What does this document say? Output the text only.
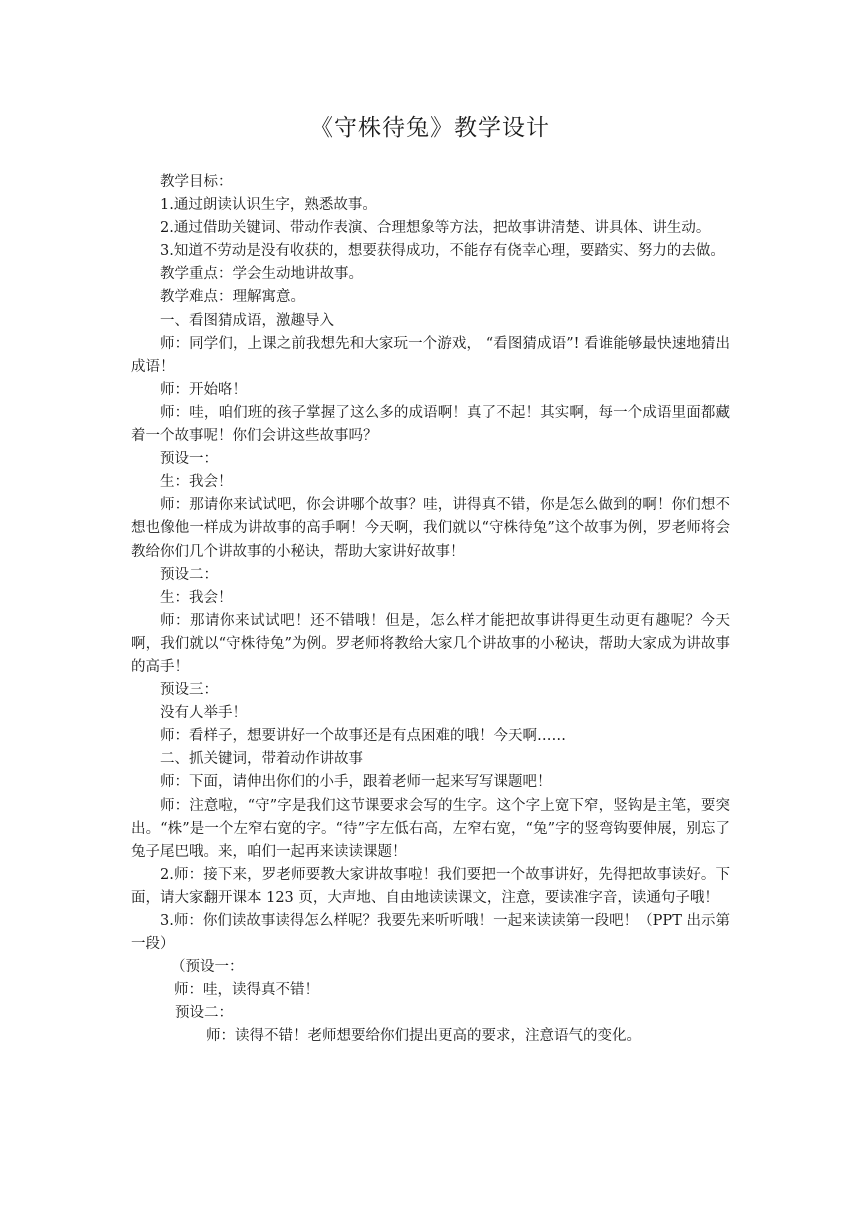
《守株待兔》教学设计

教学目标：

1.通过朗读认识生字，熟悉故事。

2.通过借助关键词、带动作表演、合理想象等方法，把故事讲清楚、讲具体、讲生动。

3.知道不劳动是没有收获的，想要获得成功，不能存有侥幸心理，要踏实、努力的去做。

教学重点：学会生动地讲故事。

教学难点：理解寓意。

一、看图猜成语，激趣导入

师：同学们，上课之前我想先和大家玩一个游戏， “看图猜成语”! 看谁能够最快速地猜出成语！

师：开始咯！

师：哇，咱们班的孩子掌握了这么多的成语啊！真了不起！其实啊，每一个成语里面都藏着一个故事呢！你们会讲这些故事吗？

预设一：

生：我会！

师：那请你来试试吧，你会讲哪个故事？哇，讲得真不错，你是怎么做到的啊！你们想不想也像他一样成为讲故事的高手啊！今天啊，我们就以“守株待兔”这个故事为例，罗老师将会教给你们几个讲故事的小秘诀，帮助大家讲好故事！

预设二：

生：我会！

师：那请你来试试吧！还不错哦！但是，怎么样才能把故事讲得更生动更有趣呢？今天啊，我们就以“守株待兔”为例。罗老师将教给大家几个讲故事的小秘诀，帮助大家成为讲故事的高手！

预设三：

没有人举手！

师：看样子，想要讲好一个故事还是有点困难的哦！今天啊……

二、抓关键词，带着动作讲故事

师：下面，请伸出你们的小手，跟着老师一起来写写课题吧！

师：注意啦，“守”字是我们这节课要求会写的生字。这个字上宽下窄，竖钩是主笔，要突出。“株”是一个左窄右宽的字。“待”字左低右高，左窄右宽，“兔”字的竖弯钩要伸展，别忘了兔子尾巴哦。来，咱们一起再来读读课题！

2.师：接下来，罗老师要教大家讲故事啦！我们要把一个故事讲好，先得把故事读好。下面，请大家翻开课本 123 页，大声地、自由地读读课文，注意，要读准字音，读通句子哦！

3.师：你们读故事读得怎么样呢？我要先来听听哦！一起来读读第一段吧！（PPT 出示第一段）

（预设一：

师：哇，读得真不错！

预设二：

师：读得不错！老师想要给你们提出更高的要求，注意语气的变化。
